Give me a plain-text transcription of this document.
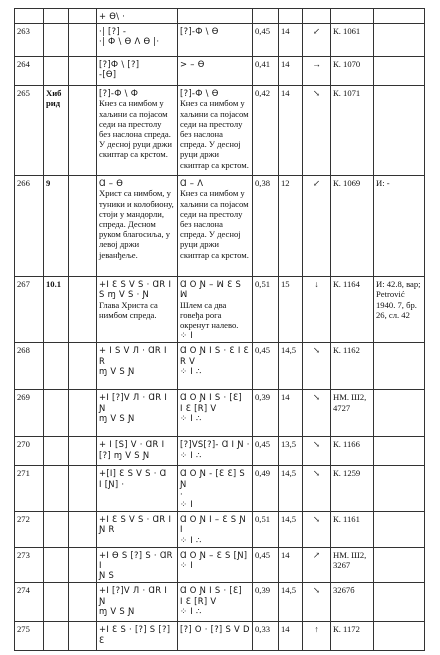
			+ Ɵ\ ·						

263			·| [?] -
·| Ф \ Ɵ Ʌ Ɵ |·	[?]-Ф \ Ɵ	0,45	14	↙	К. 1061	
264			[?]Ф \ [?]
-[Ɵ]	> – Ɵ	0,41	14	→	К. 1070	
265	Хибрид		[?]-Ф \ Ф
Кнез са нимбом у хаљини са појасом седи на престолу без наслона спреда. У десној руци држи скиптар са крстом.	[?]-Ф \ Ɵ
Кнез са нимбом у хаљини са појасом седи на престолу без наслона спреда. У десној руци држи скиптар са крстом.	0,42	14	↘	К. 1071	
266	9		Ɑ – Ɵ
Христ са нимбом, у туники и колобиону, стоји у мандорли, спреда. Десном руком благосиља, у левој држи јеванђеље.	Ɑ – Ʌ
Кнез са нимбом у хаљини са појасом седи на престолу без наслона спреда. У десној руци држи скиптар са крстом.	0,38	12	↙	К. 1069	И: -
267	10.1		+I Ɛ S V S · ⱭR I
S ɱ V S · Ɲ
Глава Христа са нимбом спреда.	Ɑ O Ɲ – ꟽ Ɛ S ꟽ
Шлем са два говеђа рога окренут налево.
⁘ I	0,51	15	↓	К. 1164	И: 42.8, вар; Petrović 1940. 7, бр. 26, сл. 42
268			+ I S V Л · ⱭR I R
ɱ V S Ɲ	Ɑ O Ɲ I S · Ɛ I Ɛ
R V
⁘ I ∴	0,45	14,5	↘	К. 1162	
269			+I [?]V Л · ⱭR I Ɲ
ɱ V S Ɲ	Ɑ O Ɲ I S · [Ɛ]
I Ɛ [R] V
⁘ I ∴	0,39	14	↘	НМ. Ш2, 4727	
270			+ I [S] V · ⱭR I
[?] ɱ V S Ɲ	[?]VS[?]- Ɑ I Ɲ ·
⁘ I ∴	0,45	13,5	↘	К. 1166	
271			+[I] Ɛ S V S · Ɑ
I [Ɲ] ·	Ɑ O Ɲ - [Ɛ Ɛ] S Ɲ
·
⁘ I	0,49	14,5	↘	К. 1259	
272			+I Ɛ S V S · ⱭR I
Ɲ R	Ɑ O Ɲ I – Ɛ S Ɲ I
⁘ I ∴	0,51	14,5	↘	К. 1161	
273			+I Ɵ S [?] S · ⱭR I
Ɲ S	Ɑ O Ɲ – Ɛ S [Ɲ]
⁘ I	0,45	14	↗	НМ. Ш2, 3267	
274			+I [?]V Л · ⱭR I Ɲ
ɱ V S Ɲ	Ɑ O Ɲ I S · [Ɛ]
I Ɛ [R] V
⁘ I ∴	0,39	14,5	↘	3267б	
275			+I Ɛ S · [?] S [?] Ɛ	[?] O · [?] S V D	0,33	14	↑	К. 1172	
